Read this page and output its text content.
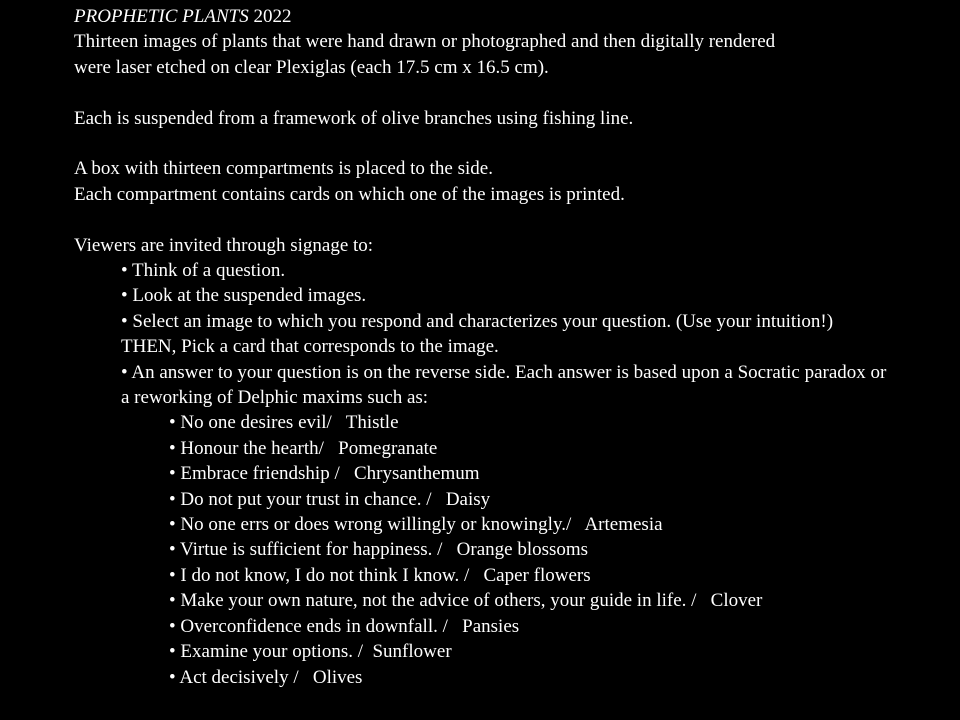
PROPHETIC PLANTS 2022
Thirteen images of plants that were hand drawn or photographed and then digitally rendered
were laser etched on clear Plexiglas (each 17.5 cm x 16.5 cm).
Each is suspended from a framework of olive branches using fishing line.
A box with thirteen compartments is placed to the side.
Each compartment contains cards on which one of the images is printed.
Viewers are invited through signage to:
• Think of a question.
• Look at the suspended images.
• Select an image to which you respond and characterizes your question. (Use your intuition!) THEN, Pick a card that corresponds to the image.
• An answer to your question is on the reverse side. Each answer is based upon a Socratic paradox or a reworking of Delphic maxims such as:
• No one desires evil/   Thistle
• Honour the hearth/   Pomegranate
• Embrace friendship /   Chrysanthemum
• Do not put your trust in chance. /   Daisy
• No one errs or does wrong willingly or knowingly./   Artemesia
• Virtue is sufficient for happiness. /   Orange blossoms
• I do not know, I do not think I know. /   Caper flowers
• Make your own nature, not the advice of others, your guide in life. /   Clover
• Overconfidence ends in downfall. /   Pansies
• Examine your options. /  Sunflower
• Act decisively /   Olives
